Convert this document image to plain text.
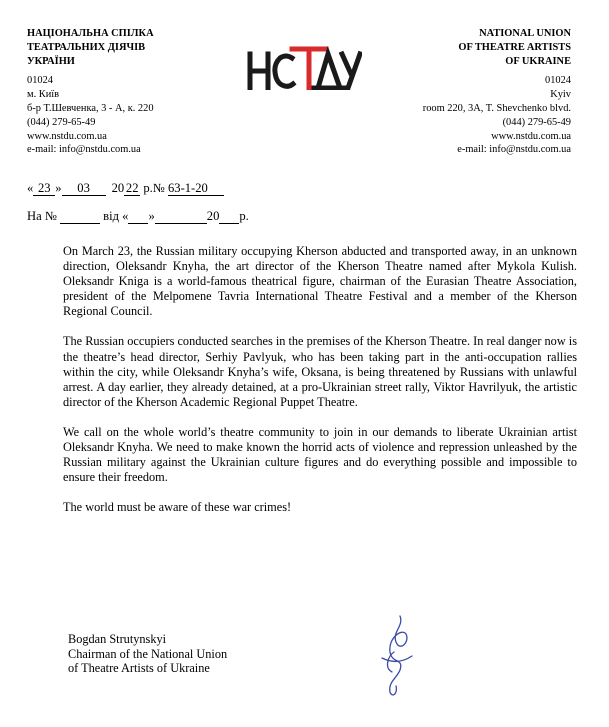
НАЦІОНАЛЬНА СПІЛКА
ТЕАТРАЛЬНИХ ДІЯЧІВ
УКРАЇНИ
01024
м. Київ
б-р Т.Шевченка, 3 - А, к. 220
(044) 279-65-49
www.nstdu.com.ua
e-mail: info@nstdu.com.ua
NATIONAL UNION
OF THEATRE ARTISTS
OF UKRAINE
01024
Kyiv
room 220, 3A, T. Shevchenko blvd.
(044) 279-65-49
www.nstdu.com.ua
e-mail: info@nstdu.com.ua
« 23 » 03 20 22 р.№ 63-1-20
На №	від « »	20 р.

On March 23, the Russian military occupying Kherson abducted and transported away, in an unknown direction, Oleksandr Knyha, the art director of the Kherson Theatre named after Mykola Kulish. Oleksandr Kniga is a world-famous theatrical figure, chairman of the Eurasian Theatre Association, president of the Melpomene Tavria International Theatre Festival and a member of the Kherson Regional Council.

The Russian occupiers conducted searches in the premises of the Kherson Theatre. In real danger now is the theatre’s head director, Serhiy Pavlyuk, who has been taking part in the anti-occupation rallies within the city, while Oleksandr Knyha’s wife, Oksana, is being threatened by Russians with unlawful arrest. A day earlier, they already detained, at a pro-Ukrainian street rally, Viktor Havrilyuk, the artistic director of the Kherson Academic Regional Puppet Theatre.

We call on the whole world’s theatre community to join in our demands to liberate Ukrainian artist Oleksandr Knyha. We need to make known the horrid acts of violence and repression unleashed by the Russian military against the Ukrainian culture figures and do everything possible and impossible to ensure their freedom.

The world must be aware of these war crimes!

Bogdan Strutynskyi
Chairman of the National Union
of Theatre Artists of Ukraine
